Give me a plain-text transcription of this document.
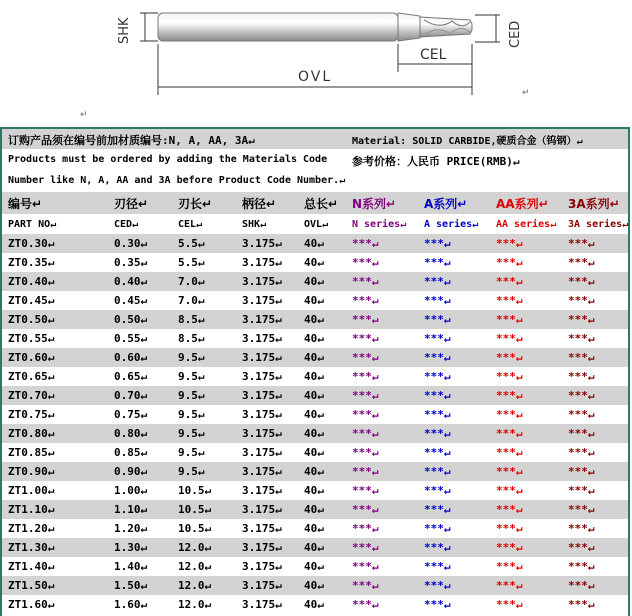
SHK	CED
CEL
OVL
↵
↵
订购产品须在编号前加材质编号:N, A, AA, 3A↵	Material: SOLID CARBIDE,硬质合金（钨钢）↵
Products must be ordered by adding the Materials Code 参考价格：人民币 PRICE(RMB)↵
Number like N, A, AA and 3A before Product Code Number.↵
编号↵	刃径↵	刃长↵	柄径↵	总长↵	N系列↵	A系列↵	AA系列↵	3A系列↵
PART NO↵	CED↵	CEL↵	SHK↵	OVL↵	N series↵	A series↵	AA series↵	3A series↵
ZT0.30↵	0.30↵	5.5↵	3.175↵	40↵	***↵	***↵	***↵	***↵
ZT0.35↵	0.35↵	5.5↵	3.175↵	40↵	***↵	***↵	***↵	***↵
ZT0.40↵	0.40↵	7.0↵	3.175↵	40↵	***↵	***↵	***↵	***↵
ZT0.45↵	0.45↵	7.0↵	3.175↵	40↵	***↵	***↵	***↵	***↵
ZT0.50↵	0.50↵	8.5↵	3.175↵	40↵	***↵	***↵	***↵	***↵
ZT0.55↵	0.55↵	8.5↵	3.175↵	40↵	***↵	***↵	***↵	***↵
ZT0.60↵	0.60↵	9.5↵	3.175↵	40↵	***↵	***↵	***↵	***↵
ZT0.65↵	0.65↵	9.5↵	3.175↵	40↵	***↵	***↵	***↵	***↵
ZT0.70↵	0.70↵	9.5↵	3.175↵	40↵	***↵	***↵	***↵	***↵
ZT0.75↵	0.75↵	9.5↵	3.175↵	40↵	***↵	***↵	***↵	***↵
ZT0.80↵	0.80↵	9.5↵	3.175↵	40↵	***↵	***↵	***↵	***↵
ZT0.85↵	0.85↵	9.5↵	3.175↵	40↵	***↵	***↵	***↵	***↵
ZT0.90↵	0.90↵	9.5↵	3.175↵	40↵	***↵	***↵	***↵	***↵
ZT1.00↵	1.00↵	10.5↵	3.175↵	40↵	***↵	***↵	***↵	***↵
ZT1.10↵	1.10↵	10.5↵	3.175↵	40↵	***↵	***↵	***↵	***↵
ZT1.20↵	1.20↵	10.5↵	3.175↵	40↵	***↵	***↵	***↵	***↵
ZT1.30↵	1.30↵	12.0↵	3.175↵	40↵	***↵	***↵	***↵	***↵
ZT1.40↵	1.40↵	12.0↵	3.175↵	40↵	***↵	***↵	***↵	***↵
ZT1.50↵	1.50↵	12.0↵	3.175↵	40↵	***↵	***↵	***↵	***↵
ZT1.60↵	1.60↵	12.0↵	3.175↵	40↵	***↵	***↵	***↵	***↵
